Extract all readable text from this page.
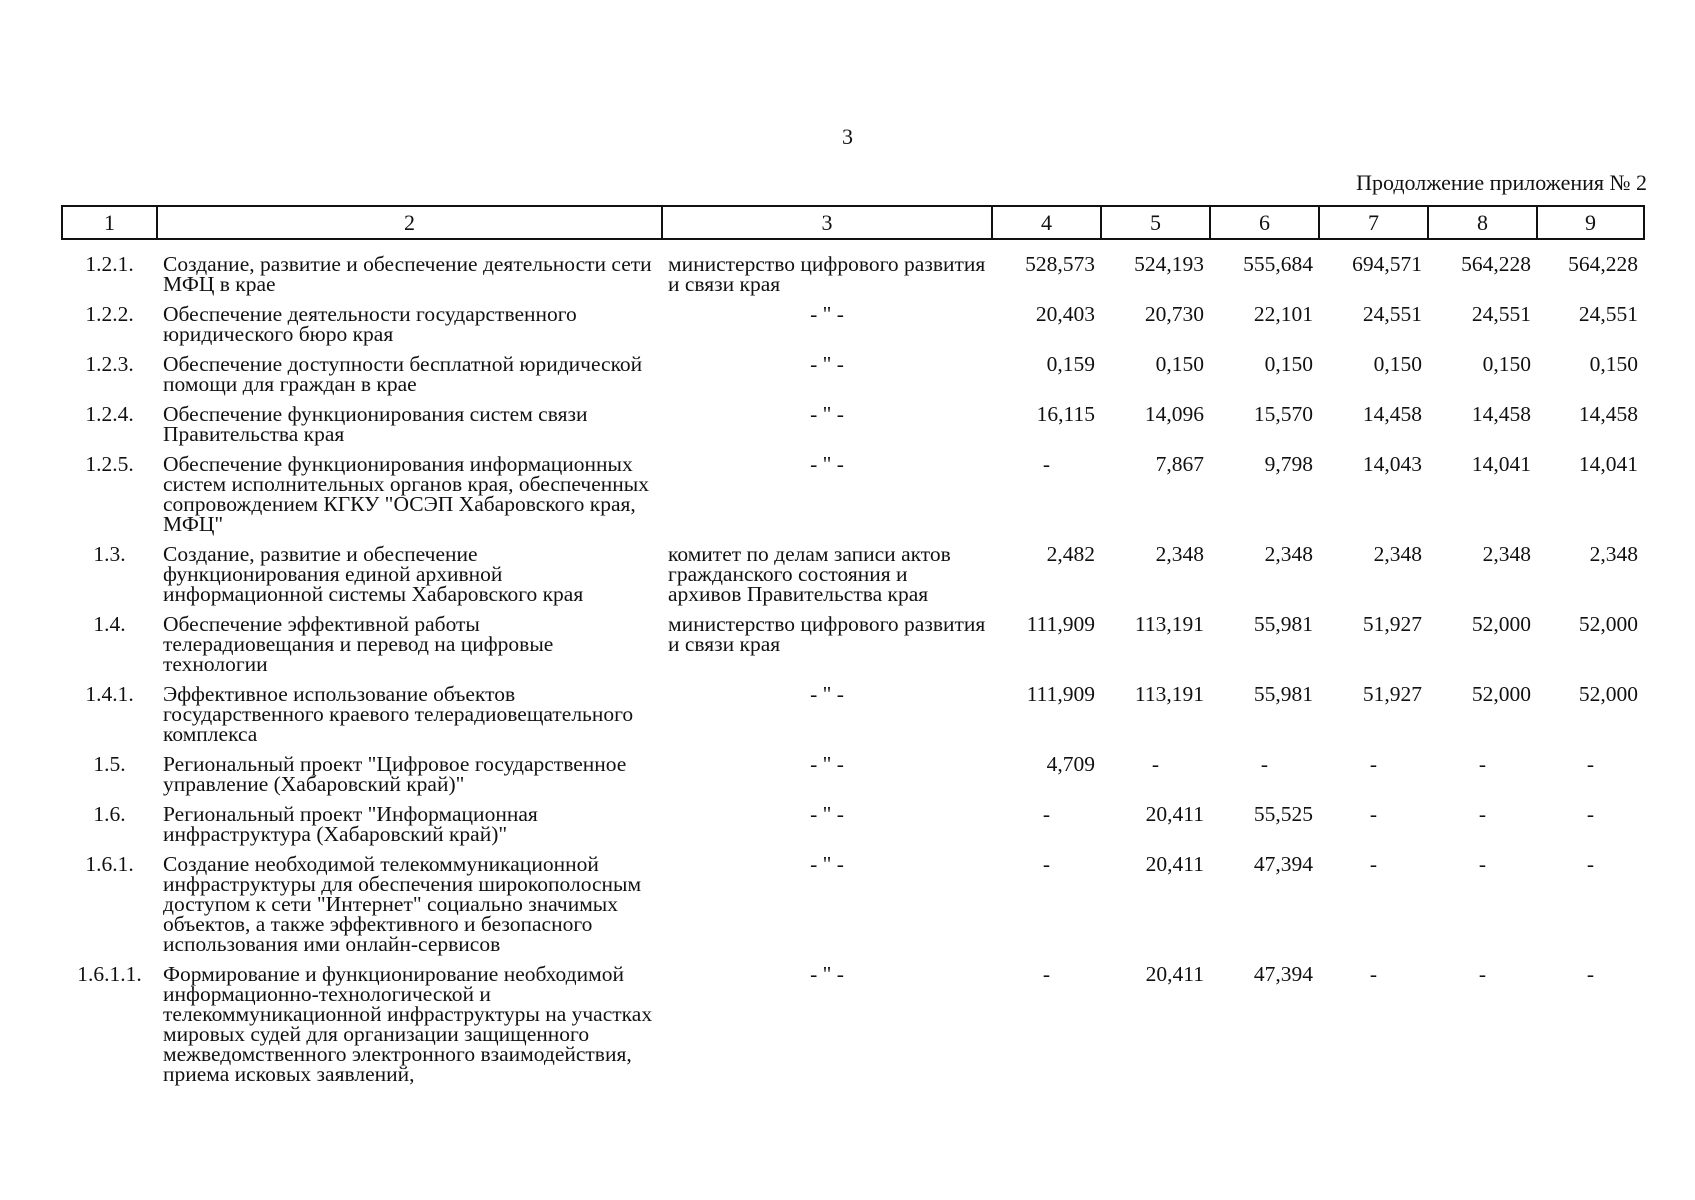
3
Продолжение приложения № 2
1	2	3	4	5	6	7	8	9
1.2.1.	Создание, развитие и обеспечение деятельности сети МФЦ в крае	министерство цифрового развития и связи края	528,573	524,193	555,684	694,571	564,228	564,228
1.2.2.	Обеспечение деятельности государственного юридического бюро края	- " -	20,403	20,730	22,101	24,551	24,551	24,551
1.2.3.	Обеспечение доступности бесплатной юридической помощи для граждан в крае	- " -	0,159	0,150	0,150	0,150	0,150	0,150
1.2.4.	Обеспечение функционирования систем связи Правительства края	- " -	16,115	14,096	15,570	14,458	14,458	14,458
1.2.5.	Обеспечение функционирования информационных систем исполнительных органов края, обеспеченных сопровождением КГКУ "ОСЭП Хабаровского края, МФЦ"	- " -	-	7,867	9,798	14,043	14,041	14,041
1.3.	Создание, развитие и обеспечение функционирования единой архивной информационной системы Хабаровского края	комитет по делам записи актов гражданского состояния и архивов Правительства края	2,482	2,348	2,348	2,348	2,348	2,348
1.4.	Обеспечение эффективной работы телерадиовещания и перевод на цифровые технологии	министерство цифрового развития и связи края	111,909	113,191	55,981	51,927	52,000	52,000
1.4.1.	Эффективное использование объектов государственного краевого телерадиовещательного комплекса	- " -	111,909	113,191	55,981	51,927	52,000	52,000
1.5.	Региональный проект "Цифровое государственное управление (Хабаровский край)"	- " -	4,709	-	-	-	-	-
1.6.	Региональный проект "Информационная инфраструктура (Хабаровский край)"	- " -	-	20,411	55,525	-	-	-
1.6.1.	Создание необходимой телекоммуникационной инфраструктуры для обеспечения широкополосным доступом к сети "Интернет" социально значимых объектов, а также эффективного и безопасного использования ими онлайн-сервисов	- " -	-	20,411	47,394	-	-	-
1.6.1.1.	Формирование и функционирование необходимой информационно-технологической и телекоммуникационной инфраструктуры на участках мировых судей для организации защищенного межведомственного электронного взаимодействия, приема исковых заявлений,	- " -	-	20,411	47,394	-	-	-
